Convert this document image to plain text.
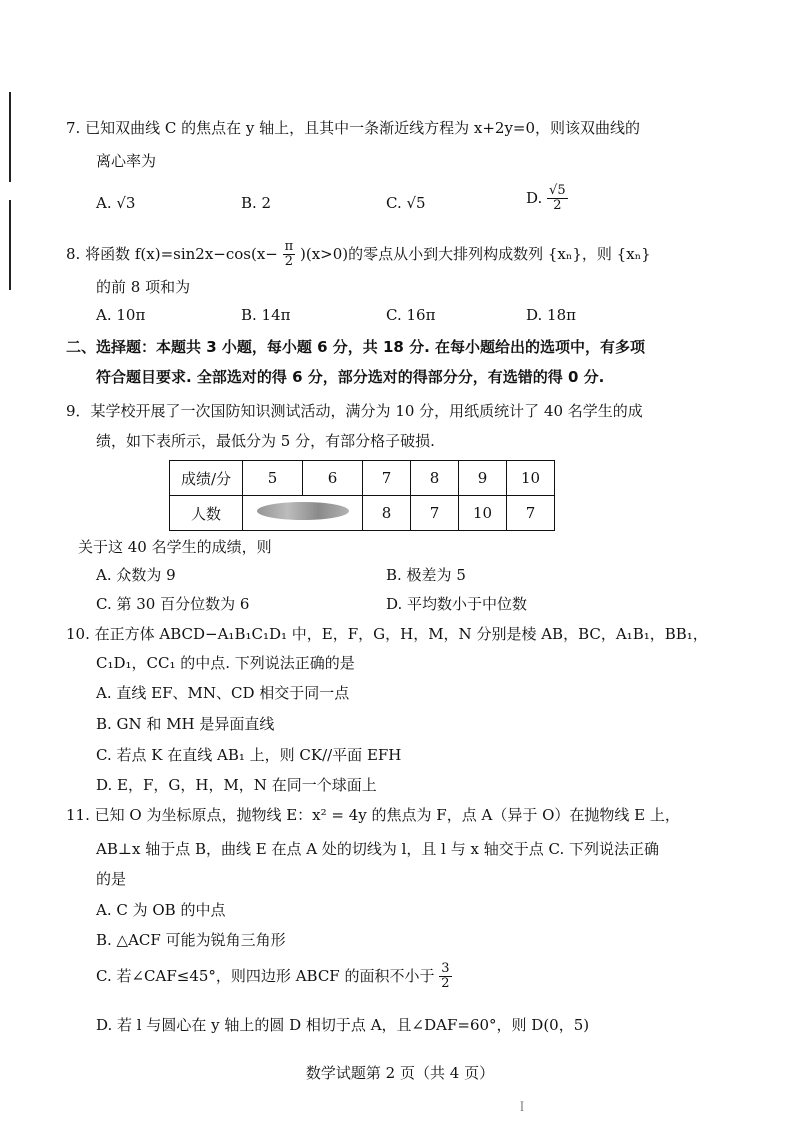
7. 已知双曲线 C 的焦点在 y 轴上，且其中一条渐近线方程为 x+2y=0，则该双曲线的
离心率为
A. √3	B. 2	C. √5	D. $\frac{√5}{2}$
8. 将函数 $f(x)=\sin 2x-\cos(x- \frac{\pi}{2} )(x>0)$的零点从小到大排列构成数列 {xₙ}，则 {xₙ}
的前 8 项和为
A. 10π	B. 14π	C. 16π	D. 18π
二、选择题：本题共 3 小题，每小题 6 分，共 18 分. 在每小题给出的选项中，有多项
符合题目要求. 全部选对的得 6 分，部分选对的得部分分，有选错的得 0 分.
9．某学校开展了一次国防知识测试活动，满分为 10 分，用纸质统计了 40 名学生的成
绩，如下表所示，最低分为 5 分，有部分格子破损.
成绩/分	5	6	7	8	9	10
人数			8	7	10	7
关于这 40 名学生的成绩，则
A. 众数为 9	B. 极差为 5
C. 第 30 百分位数为 6	D. 平均数小于中位数
10. 在正方体 ABCD−A₁B₁C₁D₁ 中，E，F，G，H，M，N 分别是棱 AB，BC，A₁B₁，BB₁，
C₁D₁，CC₁ 的中点. 下列说法正确的是
A. 直线 EF、MN、CD 相交于同一点
B. GN 和 MH 是异面直线
C. 若点 K 在直线 AB₁ 上，则 CK//平面 EFH
D. E，F，G，H，M，N 在同一个球面上
11. 已知 O 为坐标原点，抛物线 E：x² = 4y 的焦点为 F，点 A（异于 O）在抛物线 E 上，
AB⊥x 轴于点 B，曲线 E 在点 A 处的切线为 l，且 l 与 x 轴交于点 C. 下列说法正确
的是
A. C 为 OB 的中点
B. △ACF 可能为锐角三角形
C. 若∠CAF≤45°，则四边形 ABCF 的面积不小于 $\frac{3}{2}$
D. 若 l 与圆心在 y 轴上的圆 D 相切于点 A，且∠DAF=60°，则 D(0，5)
数学试题第 2 页（共 4 页）
ꟾ
